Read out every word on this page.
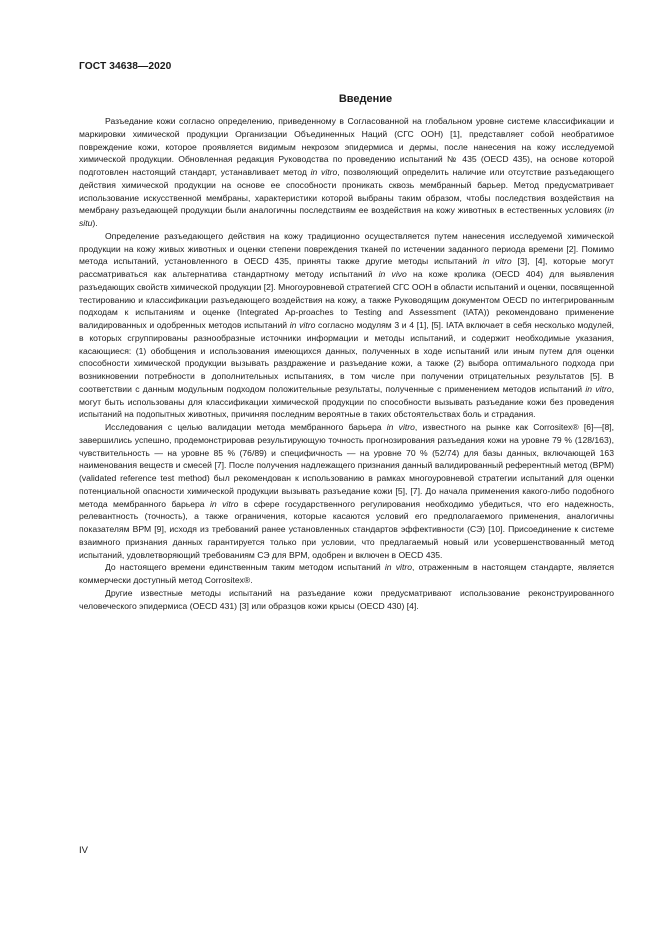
ГОСТ 34638—2020
Введение

Разъедание кожи согласно определению, приведенному в Согласованной на глобальном уровне системе классификации и маркировки химической продукции Организации Объединенных Наций (СГС ООН) [1], представляет собой необратимое повреждение кожи, которое проявляется видимым некрозом эпидермиса и дермы, после нанесения на кожу исследуемой химической продукции. Обновленная редакция Руководства по проведению испытаний № 435 (OECD 435), на основе которой подготовлен настоящий стандарт, устанавливает метод in vitro, позволяющий определить наличие или отсутствие разъедающего действия химической продукции на основе ее способности проникать сквозь мембранный барьер. Метод предусматривает использование искусственной мембраны, характеристики которой выбраны таким образом, чтобы последствия воздействия на мембрану разъедающей продукции были аналогичны последствиям ее воздействия на кожу животных в естественных условиях (in situ).

Определение разъедающего действия на кожу традиционно осуществляется путем нанесения исследуемой химической продукции на кожу живых животных и оценки степени повреждения тканей по истечении заданного периода времени [2]. Помимо метода испытаний, установленного в OECD 435, приняты также другие методы испытаний in vitro [3], [4], которые могут рассматриваться как альтернатива стандартному методу испытаний in vivo на коже кролика (OECD 404) для выявления разъедающих свойств химической продукции [2]. Многоуровневой стратегией СГС ООН в области испытаний и оценки, посвященной тестированию и классификации разъедающего воздействия на кожу, а также Руководящим документом OECD по интегрированным подходам к испытаниям и оценке (Integrated Ap-proaches to Testing and Assessment (IATA)) рекомендовано применение валидированных и одобренных методов испытаний in vitro согласно модулям 3 и 4 [1], [5]. IATA включает в себя несколько модулей, в которых сгруппированы разнообразные источники информации и методы испытаний, и содержит необходимые указания, касающиеся: (1) обобщения и использования имеющихся данных, полученных в ходе испытаний или иным путем для оценки способности химической продукции вызывать раздражение и разъедание кожи, а также (2) выбора оптимального подхода при возникновении потребности в дополнительных испытаниях, в том числе при получении отрицательных результатов [5]. В соответствии с данным модульным подходом положительные результаты, полученные с применением методов испытаний in vitro, могут быть использованы для классификации химической продукции по способности вызывать разъедание кожи без проведения испытаний на подопытных животных, причиняя последним вероятные в таких обстоятельствах боль и страдания.

Исследования с целью валидации метода мембранного барьера in vitro, известного на рынке как Corrositex® [6]—[8], завершились успешно, продемонстрировав результирующую точность прогнозирования разъедания кожи на уровне 79 % (128/163), чувствительность — на уровне 85 % (76/89) и специфичность — на уровне 70 % (52/74) для базы данных, включающей 163 наименования веществ и смесей [7]. После получения надлежащего признания данный валидированный референтный метод (ВРМ) (validated reference test method) был рекомендован к использованию в рамках многоуровневой стратегии испытаний для оценки потенциальной опасности химической продукции вызывать разъедание кожи [5], [7]. До начала применения какого-либо подобного метода мембранного барьера in vitro в сфере государственного регулирования необходимо убедиться, что его надежность, релевантность (точность), а также ограничения, которые касаются условий его предполагаемого применения, аналогичны показателям ВРМ [9], исходя из требований ранее установленных стандартов эффективности (СЭ) [10]. Присоединение к системе взаимного признания данных гарантируется только при условии, что предлагаемый новый или усовершенствованный метод испытаний, удовлетворяющий требованиям СЭ для ВРМ, одобрен и включен в OECD 435.

До настоящего времени единственным таким методом испытаний in vitro, отраженным в настоящем стандарте, является коммерчески доступный метод Corrositex®.

Другие известные методы испытаний на разъедание кожи предусматривают использование реконструированного человеческого эпидермиса (OECD 431) [3] или образцов кожи крысы (OECD 430) [4].

IV
